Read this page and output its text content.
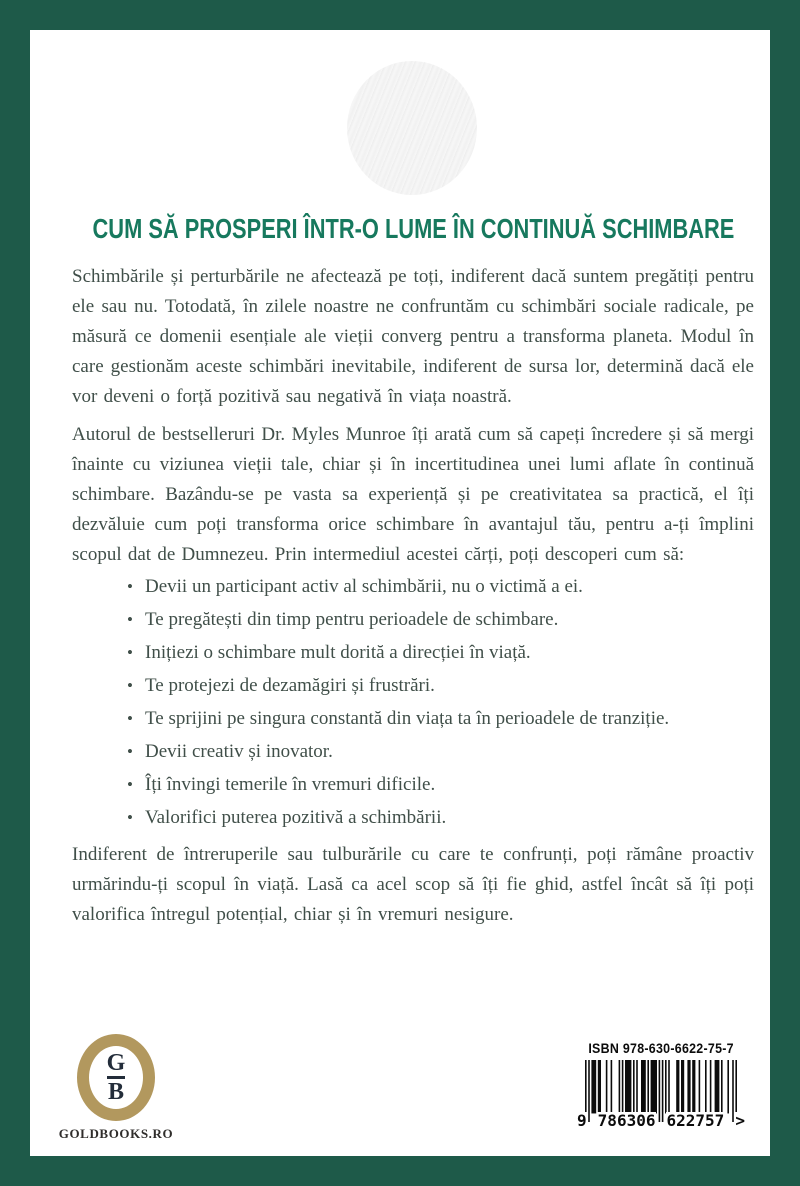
CUM SĂ PROSPERI ÎNTR-O LUME ÎN CONTINUĂ SCHIMBARE

Schimbările și perturbările ne afectează pe toți, indiferent dacă suntem pregătiți pentru ele sau nu. Totodată, în zilele noastre ne confruntăm cu schimbări sociale radicale, pe măsură ce domenii esențiale ale vieții converg pentru a transforma planeta. Modul în care gestionăm aceste schimbări inevitabile, indiferent de sursa lor, determină dacă ele vor deveni o forță pozitivă sau negativă în viața noastră.

Autorul de bestselleruri Dr. Myles Munroe îți arată cum să capeți încredere și să mergi înainte cu viziunea vieții tale, chiar și în incertitudinea unei lumi aflate în continuă schimbare. Bazându-se pe vasta sa experiență și pe creativitatea sa practică, el îți dezvăluie cum poți transforma orice schimbare în avantajul tău, pentru a-ți împlini scopul dat de Dumnezeu. Prin intermediul acestei cărți, poți descoperi cum să:

• Devii un participant activ al schimbării, nu o victimă a ei.
• Te pregătești din timp pentru perioadele de schimbare.
• Inițiezi o schimbare mult dorită a direcției în viață.
• Te protejezi de dezamăgiri și frustrări.
• Te sprijini pe singura constantă din viața ta în perioadele de tranziție.
• Devii creativ și inovator.
• Îți învingi temerile în vremuri dificile.
• Valorifici puterea pozitivă a schimbării.

Indiferent de întreruperile sau tulburările cu care te confrunți, poți rămâne proactiv urmărindu-ți scopul în viață. Lasă ca acel scop să îți fie ghid, astfel încât să îți poți valorifica întregul potențial, chiar și în vremuri nesigure.

G
B
GOLDBOOKS.RO
ISBN 978-630-6622-75-7
9 786306 622757 >
